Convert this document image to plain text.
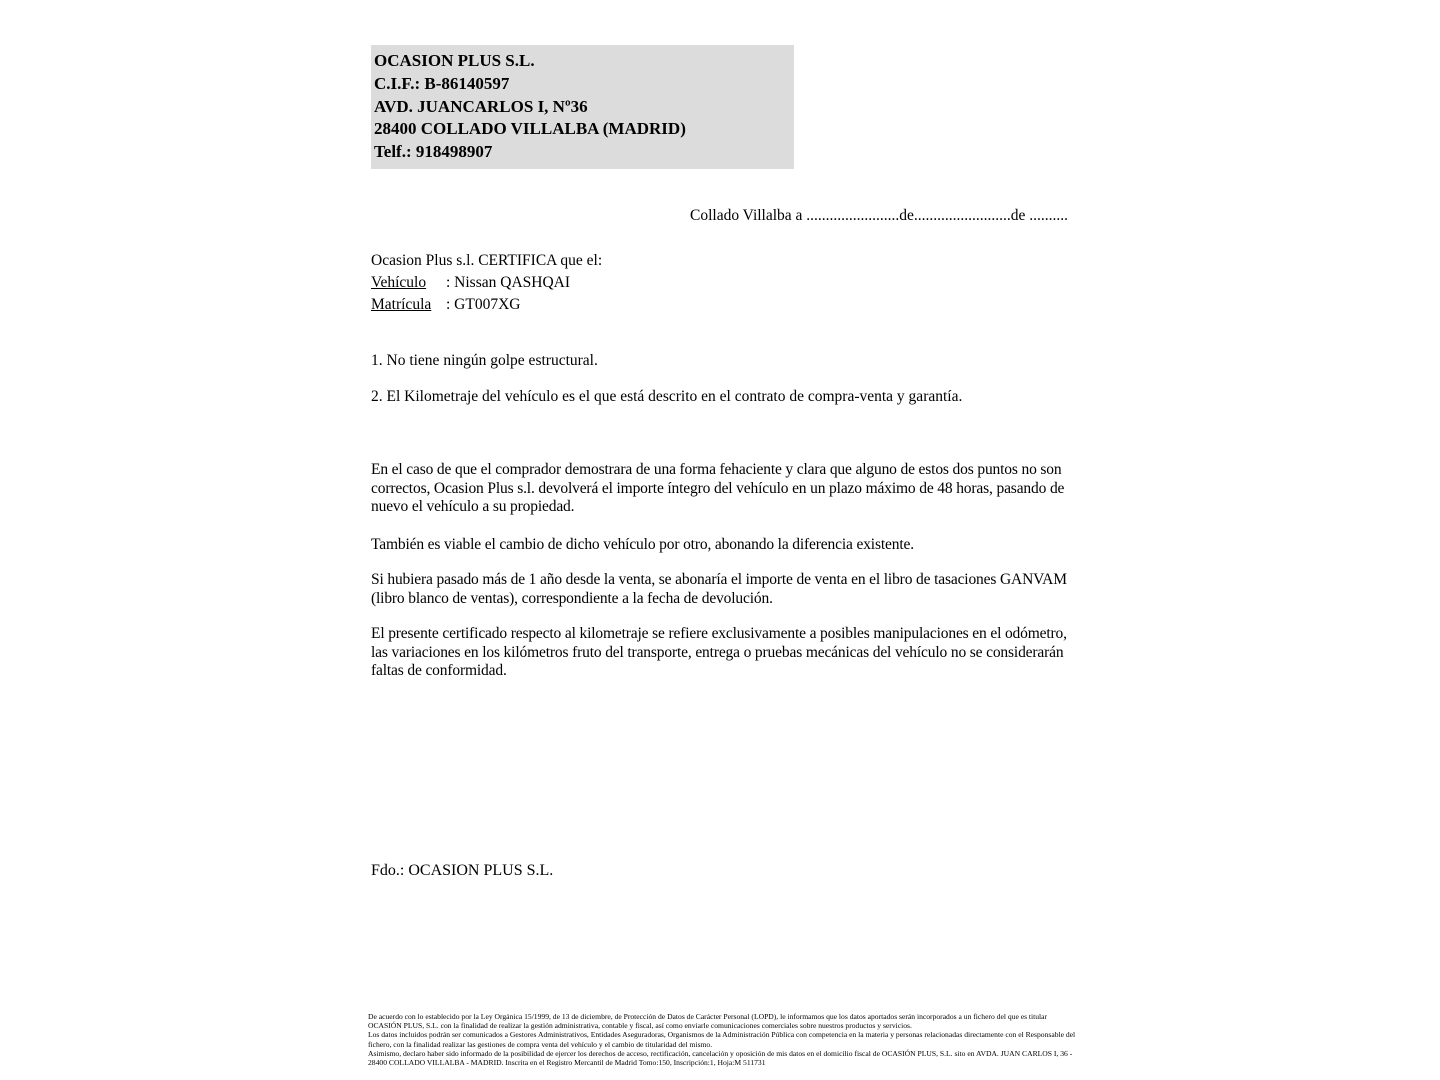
OCASION PLUS S.L.
C.I.F.: B-86140597
AVD. JUANCARLOS I, Nº36
28400 COLLADO VILLALBA (MADRID)
Telf.: 918498907
Collado Villalba a ........................de.........................de ..........
Ocasion Plus s.l. CERTIFICA que el:
Vehículo : Nissan QASHQAI
Matrícula : GT007XG
1. No tiene ningún golpe estructural.
2. El Kilometraje del vehículo es el que está descrito en el contrato de compra-venta y garantía.
En el caso de que el comprador demostrara de una forma fehaciente y clara que alguno de estos dos puntos no son correctos, Ocasion Plus s.l. devolverá el importe íntegro del vehículo en un plazo máximo de 48 horas, pasando de nuevo el vehículo a su propiedad.
También es viable el cambio de dicho vehículo por otro, abonando la diferencia existente.
Si hubiera pasado más de 1 año desde la venta, se abonaría el importe de venta en el libro de tasaciones GANVAM (libro blanco de ventas), correspondiente a la fecha de devolución.
El presente certificado respecto al kilometraje se refiere exclusivamente a posibles manipulaciones en el odómetro, las variaciones en los kilómetros fruto del transporte, entrega o pruebas mecánicas del vehículo no se considerarán faltas de conformidad.
Fdo.: OCASION PLUS S.L.
De acuerdo con lo establecido por la Ley Orgánica 15/1999, de 13 de diciembre, de Protección de Datos de Carácter Personal (LOPD), le informamos que los datos aportados serán incorporados a un fichero del que es titular OCASIÓN PLUS, S.L. con la finalidad de realizar la gestión administrativa, contable y fiscal, así como enviarle comunicaciones comerciales sobre nuestros productos y servicios.
Los datos incluidos podrán ser comunicados a Gestores Administrativos, Entidades Aseguradoras, Organismos de la Administración Pública con competencia en la materia y personas relacionadas directamente con el Responsable del fichero, con la finalidad realizar las gestiones de compra venta del vehículo y el cambio de titularidad del mismo.
Asimismo, declaro haber sido informado de la posibilidad de ejercer los derechos de acceso, rectificación, cancelación y oposición de mis datos en el domicilio fiscal de OCASIÓN PLUS, S.L. sito en AVDA. JUAN CARLOS I, 36 - 28400 COLLADO VILLALBA - MADRID. Inscrita en el Registro Mercantil de Madrid Tomo:150, Inscripción:1, Hoja:M 511731
